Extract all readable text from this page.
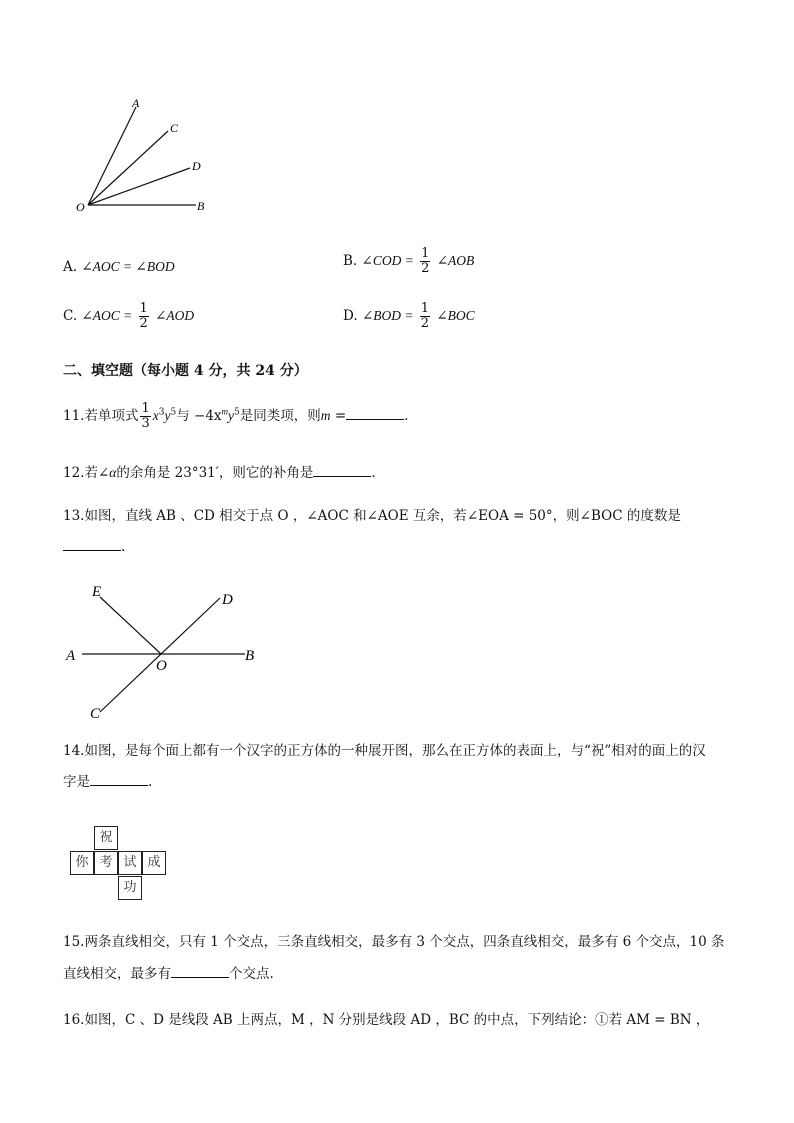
A
C
D
O	B
A. ∠AOC = ∠BOD	B. ∠COD = $\frac{1}{2}$ ∠AOB
C. ∠AOC = $\frac{1}{2}$ ∠AOD	D. ∠BOD = $\frac{1}{2}$ ∠BOC
二、填空题（每小题 4 分，共 24 分）
11.若单项式 $\frac{1}{3} x^3y^5$与 $-4x^my^5$是同类项，则m =	.
12.若∠α的余角是 23°31′，则它的补角是	.
13.如图，直线 AB 、CD 相交于点 O ，∠AOC 和∠AOE 互余，若∠EOA = 50°，则∠BOC 的度数是
.
E	D
A
O
B
C
14.如图，是每个面上都有一个汉字的正方体的一种展开图，那么在正方体的表面上，与“祝”相对的面上的汉
字是	.
祝
你 考 试 成
功
15.两条直线相交，只有 1 个交点，三条直线相交，最多有 3 个交点，四条直线相交，最多有 6 个交点，10 条
直线相交，最多有	个交点.
16.如图，C 、D 是线段 AB 上两点，M ，N 分别是线段 AD ，BC 的中点，下列结论：①若 AM = BN ，
